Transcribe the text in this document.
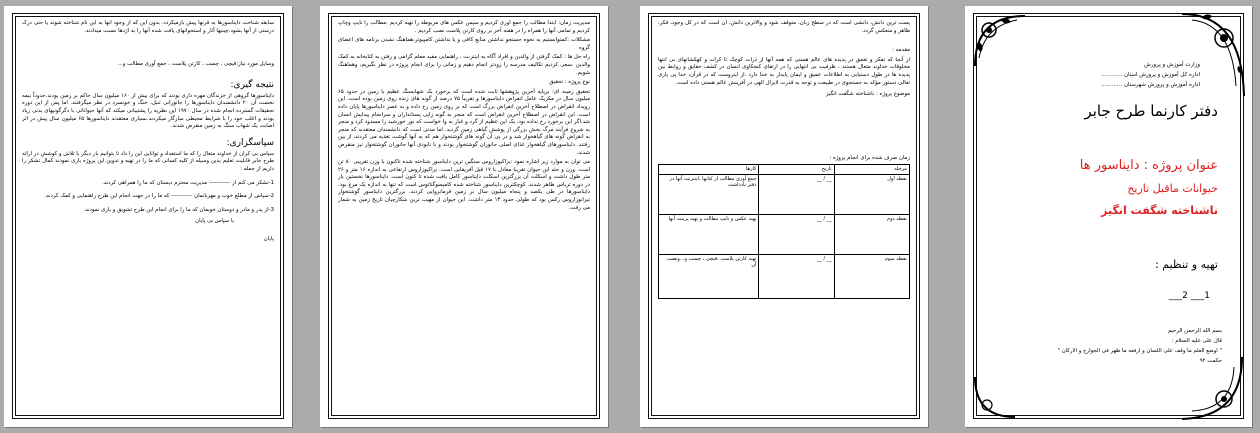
وزارت آموزش و پرورش
اداره کل آموزش و پرورش استان ............
اداره آموزش و پرورش شهرستان ............
دفتر کارنما طرح جابر
عنوان پروژه : دایناسور ها
حیوانات ماقبل تاریخ
ناشناخته شگفت انگیز
تهیه و تنظیم :
1___ 2___
بسم الله الرحمن الرحیم
قال علی علیه السلام :
" اوضع العلم ما وقف علی اللسان و ارفعه ما ظهر فی الجوارح و الارکان "
حکمت ۹۲

پست ترین دانش، دانشی است که در سطح زبان، متوقف شود و والاترین دانش، آن است که در کل وجود، فکر، ظاهر و منعکس گردد.

مقدمه :

از آنجا که تفکر و تعمق در پدیده های عالم هستی که همه آنها از ذرات کوچک تا کرات و کهکشانهای بی انتها مخلوقات خداوند متعال هستند ، ظرفیت بی انتهایی را در ارتقای کنجکاوی انسان در کشف حقایق و روابط بین پدیده ها در طول دستیابی به اطلاعات عمیق و ایمان پایدار به خدا دارد .از اینروست که در قرآن، خدا پی پاری تعالی دستور مؤکد به جستجوی در طبیعت و توجه به قدرت لایزال الهی در آفرینش عالم هستی داده است.

موضوع پروژه : ناشناخته شگفت انگیز

زمان صرف شده برای انجام پروژه :

مرحله	تاریخ	کارها
نقطه اول	__ / __	جمع آوری مطالب از کتابها ،اینترنت آنها در دفتر یادداشت
نقطه دوم	__ / __	تهیه عکس و تایپ مطالب و تهیه پرینت آنها
نقطه سوم	__ / __	تهیه کارتن پلاست ،قیچی ، چسب و...وتصب آن

مدیریت زمان: ابتدا مطالب را جمع آوری کردیم و سپس عکس های مربوطه را تهیه کردیم .مطالب را تایپ وچاپ کردیم و تمامی آنها را همراه را در هفته آخر بر روی کارتن پلاست نصب کردیم .

مشکلات :کمتوانستیم به نحوه جستجو نداشتن منابع کافی و یا نداشتن کامپیوتر،هماهنگ نشدن برنامه های اعضای گروه

راه حل ها : کمک گرفتن از والدین و افراد آگاه به اینترنت ، راهنمایی مفید معلم گرامی و رفتن به کتابخانه به کمک والدین .سعی کردیم تکالیف مدرسه را زودتر انجام دهیم و زمانی را برای انجام پروژه در نظر بگیریم، وهماهنگ شویم.

نوع پروژه : تحقیق

تحقیق زمینه ای: برپایه آخرین پژوهشها ثابت شده است که برخورد یک شهابسنگ عظیم با زمین در حدود ۶۵ میلیون سال در مکزیک عامل انقراض دایناسورها و تقریباً ۷۵ درصد از گونه های زنده روی زمین بوده است. این رویداد انقراض در اصطلاح آخرین انقراض بزرگ است که بر روی زمین رخ داده و به عصر دایناسورها پایان داده است. این انقراض در اصطلاح آخرین انقراض است که منجر به گونه زایی پستانداران و سرانجام پیدایش انسان شد.اگر این برخورد رخ نداده بود، یک این عظیم از گرد و غبار به وا خواست که نور خورشید را مسدود کرد و منجر به شروع فرآیند مرگ بخش بزرگی از پوشش گیاهی زمین گردید. اما مدتی است که دانشمندان معتقدند که منجر به انقراض گونه های گیاهخوار شد و در پی آن گونه های گوشتخوار هم که به آنها گوشت تغذیه می کردند، از بین رفتند. دایناسورهای گیاهخوار غذای اصلی جانوران گوشتخوار بودند و با نابودی آنها جانوران گوشتخوار نیز منقرض شدند.

می توان به موارد زیر اشاره نمود :براکیوزاروس سنگین ترین دایناسور شناخته شده تاکنون با وزن تقریبی ۸۰ تن است. وزن و جثه این حیوان تقریبا معادل با ۱۷ فیل آفریقایی است. براکیوزاروس ارتفاعی به اندازه ۱۶ متر و ۲۶ متر طول داشت و اسکلت آن بزرگترین اسکلت دایناسور کامل یافت شده تا کنون است. دایناسورها نخستین بار در دوره تریاس ظاهر شدند. کوچکترین دایناسور شناخته شده کامپسوگناتوس است که تنها به اندازه یک مرغ بود. دایناسورها در طی یکصد و پنجاه میلیون سال بر زمین فرمانروایی کردند. بزرگترین دایناسور گوشتخوار تیرانوزاروس رکس بود که طولی حدود ۱۳ متر داشت. این حیوان از مهیب ترین شکارچیان تاریخ زمین به شمار می رفت.

سابقه شناخت دایناسورها به قرنها پیش بازمیگردد. بدون این که از وجود آنها به این نام شناخته شوند یا حتی درک درستی از آنها بشود.چینیها آثار و استخوانهای یافت شده آنها را به اژدها نسبت میدادند.

وسایل مورد نیاز:قیچی ، چسب ، کارتن پلاست ، جمع آوری مطالب و...

نتیجه گیری:

دایناسورها گروهی از خزندگان مهره داری بودند که برای بیش از ۱۶۰ میلیون سال حاکم بر زمین بودند.حدوداً نیمه نخست آن ۲۰ دانشمندان دایناسورها را جانورانی تنبل، خنگ و خونسرد در نظر میگرفتند. اما پس از این دوره تحقیقات گسترده انجام شده در سال ۱۹۷۰ این نظریه را پشتیبانی میکند که آنها حیواناتی با دگرگونیهای بدنی زیاد بودند و اغلب خود را با شرایط محیطی سازگار میکردند.بسیاری معتقدند دایناسورها ۶۵ میلیون سال پیش در اثر اصابت یک شهاب سنگ به زمین منقرض شدند.

سپاسگزاری:

سپاس بی کران از خداوند متعال را که ما استعداد و توانایی این را داد تا بتوانیم بار دیگر با تلاش و کوشش در ارائه طرح جابر قابلیت تعلیم بدین وسیله از کلیه کسانی که ما را در تهیه و تدوین این پروژه یاری نمودند کمال تشکر را داریم از جمله :

1-تشکر می کنم از ----------- مدیریت محترم دبستان که ما را همراهی کردند.

2-سپاس از مطلع خوب و مهربانمان ----------- که ما را در جهت انجام این طرح راهنمایی و کمک کردند.

3-از پدر و مادر و دوستان خوبمان که ما را برای انجام این طرح تشویق و یاری نمودند.

با سپاس بی پایان

پایان
